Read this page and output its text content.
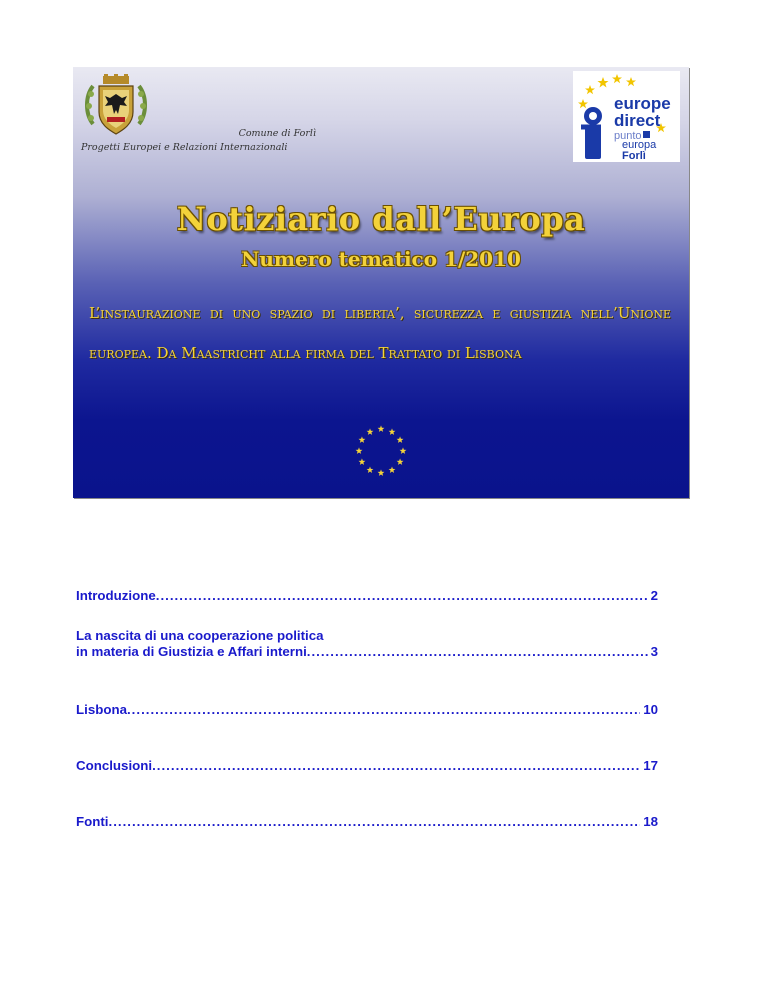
Comune di Forlì
Progetti Europei e Relazioni Internazionali
europe
direct
punto
europa
Forlì
Notiziario dall’Europa
Numero tematico 1/2010
L’instaurazione di uno spazio di liberta’, sicurezza e giustizia nell’Unione europea. Da Maastricht alla firma del Trattato di Lisbona
Introduzione .....	2
La nascita di una cooperazione politica
in materia di Giustizia e Affari interni .....	3
Lisbona .....	10
Conclusioni .....	17
Fonti .....	18
